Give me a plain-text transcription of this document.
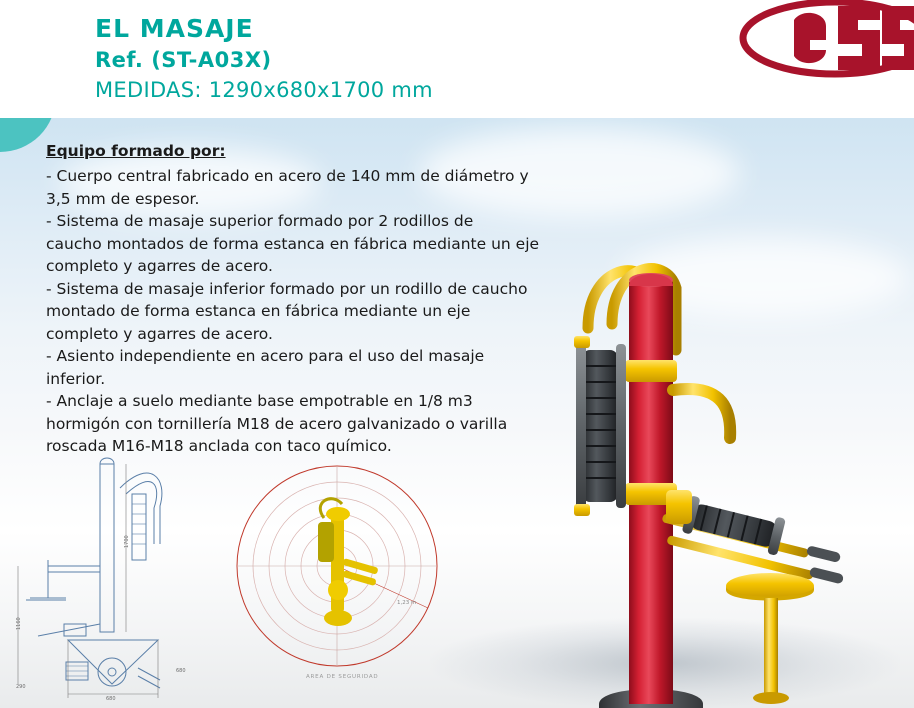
Equipo formado por:

- Cuerpo central fabricado en acero de 140 mm de diámetro y

3,5 mm de espesor.

- Sistema de masaje superior formado por 2 rodillos de

caucho montados de forma estanca en fábrica mediante un eje

completo y agarres de acero.

- Sistema de masaje inferior formado por un rodillo de caucho

montado de forma estanca en fábrica mediante un eje

completo y agarres de acero.

- Asiento independiente en acero para el uso del masaje

inferior.

- Anclaje a suelo mediante base empotrable en 1/8 m3

hormigón con tornillería M18 de acero galvanizado o varilla

roscada M16-M18 anclada con taco químico.

1700
1160
680
290
680
1,23 m
AREA DE SEGURIDAD
EL MASAJE
Ref. (ST-A03X)
MEDIDAS: 1290x680x1700 mm
